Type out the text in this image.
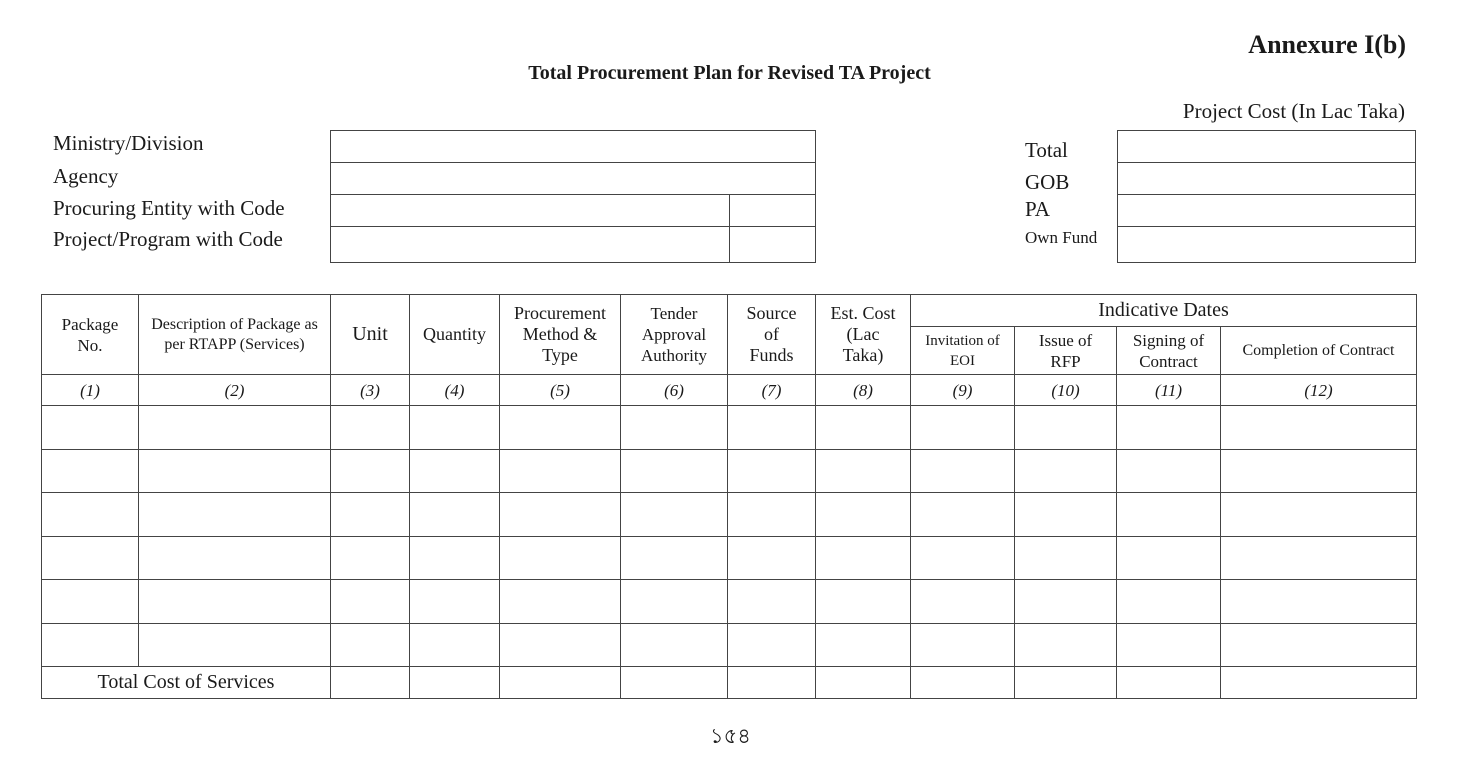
Annexure I(b)
Total Procurement Plan for Revised TA Project
Project Cost (In Lac Taka)
Ministry/Division
Agency
Procuring Entity with Code
Project/Program with Code

Total
GOB
PA
Own Fund

Package No.	Description of Package as per RTAPP (Services)	Unit	Quantity	Procurement Method & Type	Tender Approval Authority	Source of Funds	Est. Cost (Lac Taka)	Indicative Dates			
								Invitation of EOI	Issue of RFP	Signing of Contract	Completion of Contract
(1)	(2)	(3)	(4)	(5)	(6)	(7)	(8)	(9)	(10)	(11)	(12)

Total Cost of Services											
১৫৪
